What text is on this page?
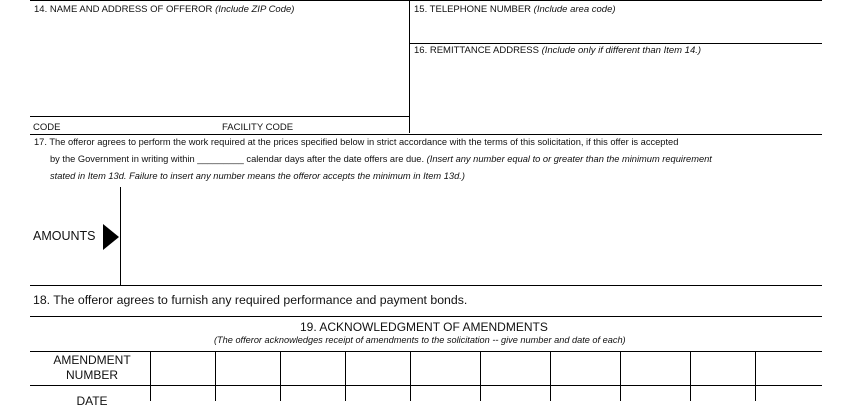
14. NAME AND ADDRESS OF OFFEROR (Include ZIP Code)	15. TELEPHONE NUMBER (Include area code)
16. REMITTANCE ADDRESS (Include only if different than Item 14.)
CODE	FACILITY CODE
17. The offeror agrees to perform the work required at the prices specified below in strict accordance with the terms of this solicitation, if this offer is accepted
by the Government in writing within _________ calendar days after the date offers are due. (Insert any number equal to or greater than the minimum requirement
stated in Item 13d. Failure to insert any number means the offeror accepts the minimum in Item 13d.)
AMOUNTS
18. The offeror agrees to furnish any required performance and payment bonds.
19. ACKNOWLEDGMENT OF AMENDMENTS
(The offeror acknowledges receipt of amendments to the solicitation -- give number and date of each)
AMENDMENT
NUMBER
DATE
